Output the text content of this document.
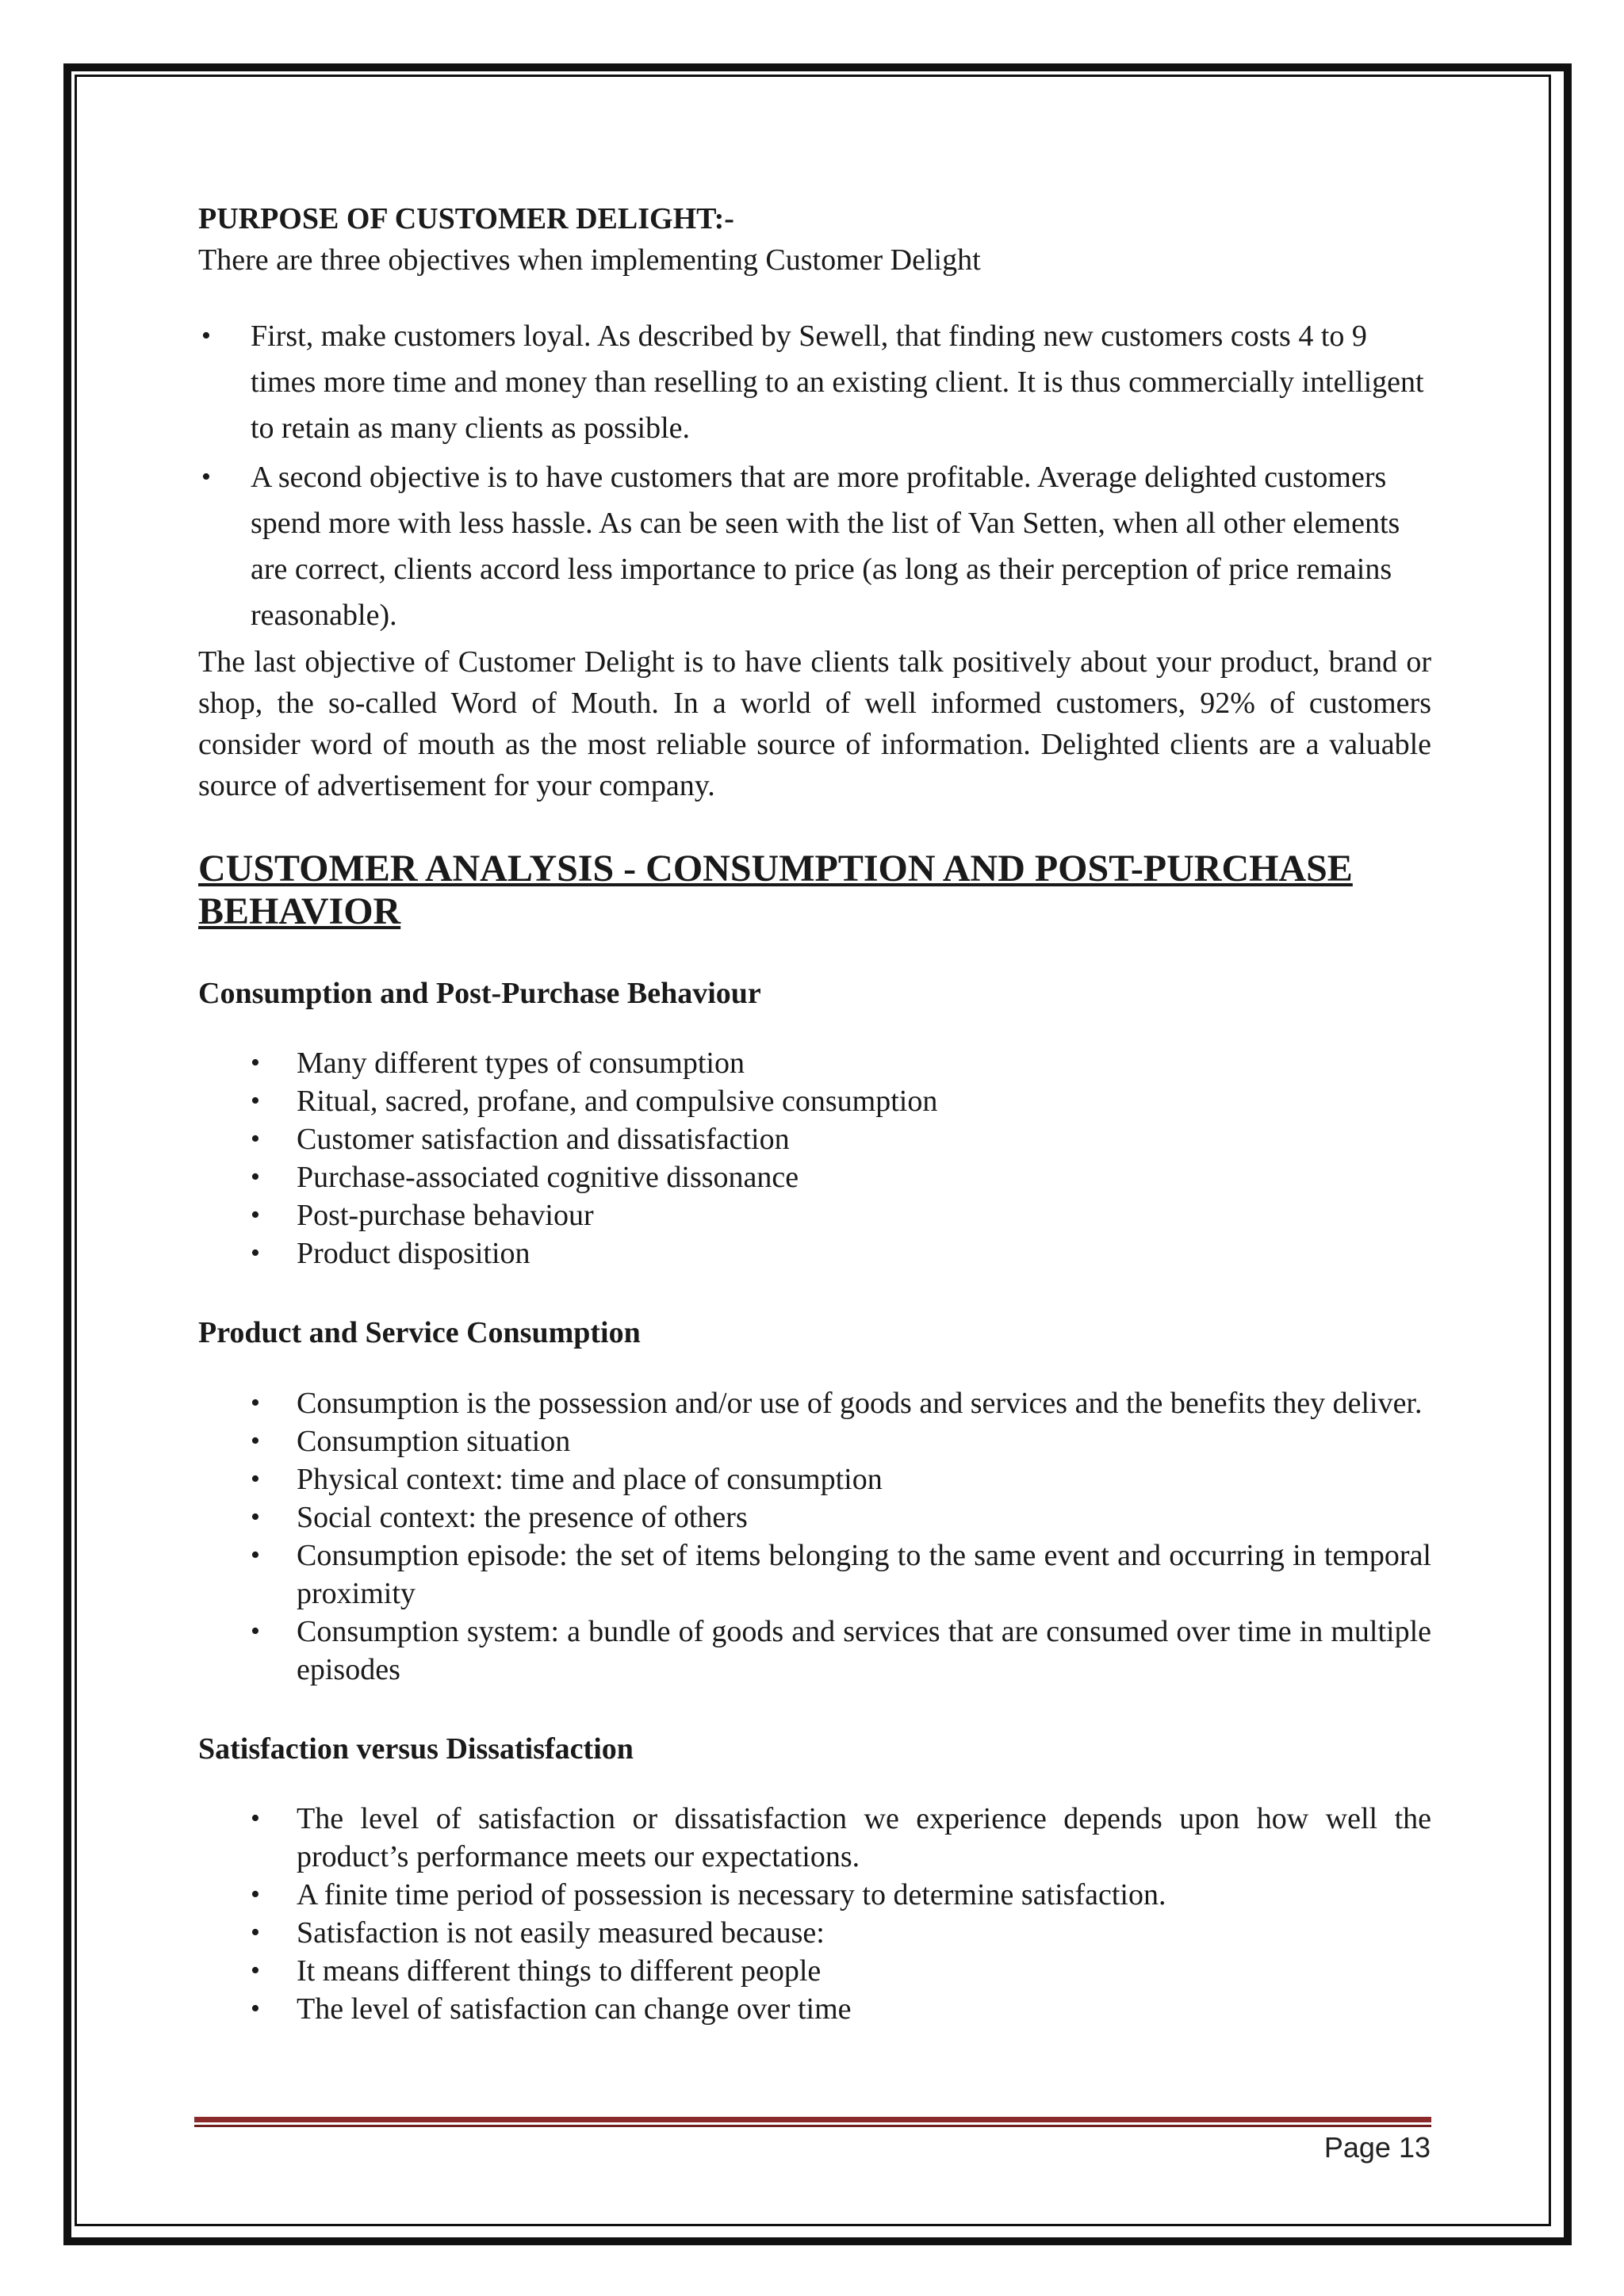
PURPOSE OF CUSTOMER DELIGHT:-

There are three objectives when implementing Customer Delight

• First, make customers loyal. As described by Sewell, that finding new customers costs 4 to 9 times more time and money than reselling to an existing client. It is thus commercially intelligent to retain as many clients as possible.
• A second objective is to have customers that are more profitable. Average delighted customers spend more with less hassle. As can be seen with the list of Van Setten, when all other elements are correct, clients accord less importance to price (as long as their perception of price remains reasonable).

The last objective of Customer Delight is to have clients talk positively about your product, brand or shop, the so-called Word of Mouth. In a world of well informed customers, 92% of customers consider word of mouth as the most reliable source of information. Delighted clients are a valuable source of advertisement for your company.

CUSTOMER ANALYSIS - CONSUMPTION AND POST-PURCHASE BEHAVIOR

Consumption and Post-Purchase Behaviour

• Many different types of consumption
• Ritual, sacred, profane, and compulsive consumption
• Customer satisfaction and dissatisfaction
• Purchase-associated cognitive dissonance
• Post-purchase behaviour
• Product disposition

Product and Service Consumption

• Consumption is the possession and/or use of goods and services and the benefits they deliver.
• Consumption situation
• Physical context: time and place of consumption
• Social context: the presence of others
• Consumption episode: the set of items belonging to the same event and occurring in temporal proximity
• Consumption system: a bundle of goods and services that are consumed over time in multiple episodes

Satisfaction versus Dissatisfaction

• The level of satisfaction or dissatisfaction we experience depends upon how well the product’s performance meets our expectations.
• A finite time period of possession is necessary to determine satisfaction.
• Satisfaction is not easily measured because:
• It means different things to different people
• The level of satisfaction can change over time
Page 13
